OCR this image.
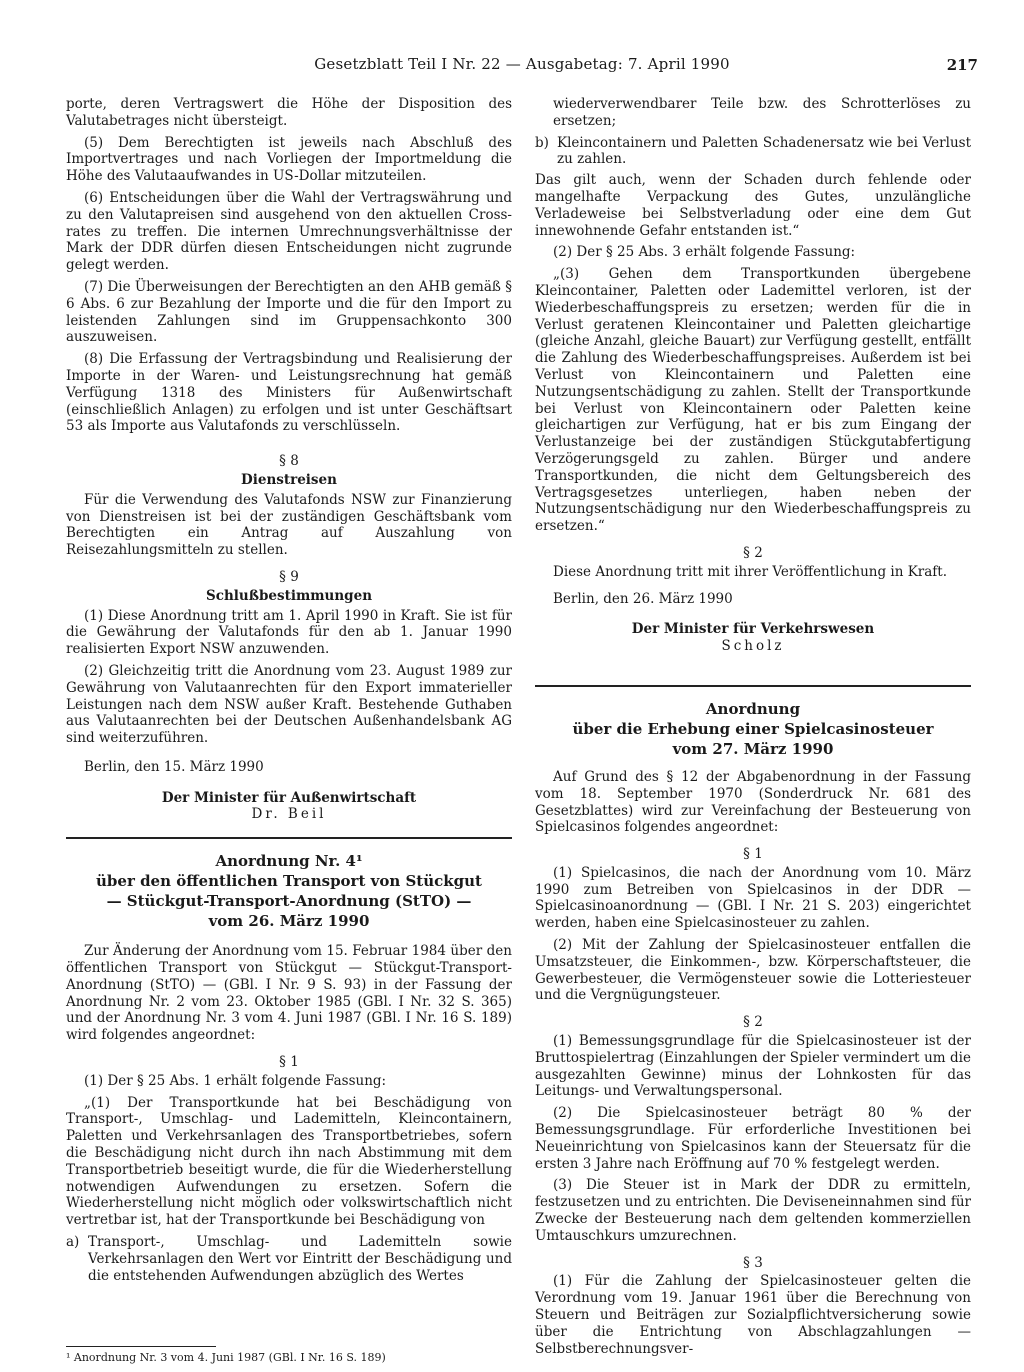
Gesetzblatt Teil I Nr. 22 — Ausgabetag: 7. April 1990	217

porte, deren Vertragswert die Höhe der Disposition des Valutabetrages nicht übersteigt.

(5) Dem Berechtigten ist jeweils nach Abschluß des Importvertrages und nach Vorliegen der Importmeldung die Höhe des Valutaaufwandes in US-Dollar mitzuteilen.

(6) Entscheidungen über die Wahl der Vertragswährung und zu den Valutapreisen sind ausgehend von den aktuellen Cross-rates zu treffen. Die internen Umrechnungsverhältnisse der Mark der DDR dürfen diesen Entscheidungen nicht zugrunde gelegt werden.

(7) Die Überweisungen der Berechtigten an den AHB gemäß § 6 Abs. 6 zur Bezahlung der Importe und die für den Import zu leistenden Zahlungen sind im Gruppensachkonto 300 auszuweisen.

(8) Die Erfassung der Vertragsbindung und Realisierung der Importe in der Waren- und Leistungsrechnung hat gemäß Verfügung 1318 des Ministers für Außenwirtschaft (einschließlich Anlagen) zu erfolgen und ist unter Geschäftsart 53 als Importe aus Valutafonds zu verschlüsseln.

§ 8
Dienstreisen

Für die Verwendung des Valutafonds NSW zur Finanzierung von Dienstreisen ist bei der zuständigen Geschäftsbank vom Berechtigten ein Antrag auf Auszahlung von Reisezahlungsmitteln zu stellen.

§ 9
Schlußbestimmungen

(1) Diese Anordnung tritt am 1. April 1990 in Kraft. Sie ist für die Gewährung der Valutafonds für den ab 1. Januar 1990 realisierten Export NSW anzuwenden.

(2) Gleichzeitig tritt die Anordnung vom 23. August 1989 zur Gewährung von Valutaanrechten für den Export immaterieller Leistungen nach dem NSW außer Kraft. Bestehende Guthaben aus Valutaanrechten bei der Deutschen Außenhandelsbank AG sind weiterzuführen.

Berlin, den 15. März 1990

Der Minister für Außenwirtschaft
Dr. Beil
Anordnung Nr. 4¹
über den öffentlichen Transport von Stückgut
— Stückgut-Transport-Anordnung (StTO) —
vom 26. März 1990

Zur Änderung der Anordnung vom 15. Februar 1984 über den öffentlichen Transport von Stückgut — Stückgut-Transport-Anordnung (StTO) — (GBl. I Nr. 9 S. 93) in der Fassung der Anordnung Nr. 2 vom 23. Oktober 1985 (GBl. I Nr. 32 S. 365) und der Anordnung Nr. 3 vom 4. Juni 1987 (GBl. I Nr. 16 S. 189) wird folgendes angeordnet:

§ 1

(1) Der § 25 Abs. 1 erhält folgende Fassung:

„(1) Der Transportkunde hat bei Beschädigung von Transport-, Umschlag- und Lademitteln, Kleincontainern, Paletten und Verkehrsanlagen des Transportbetriebes, sofern die Beschädigung nicht durch ihn nach Abstimmung mit dem Transportbetrieb beseitigt wurde, die für die Wiederherstellung notwendigen Aufwendungen zu ersetzen. Sofern die Wiederherstellung nicht möglich oder volkswirtschaftlich nicht vertretbar ist, hat der Transportkunde bei Beschädigung von

a) Transport-, Umschlag- und Lademitteln sowie Verkehrsanlagen den Wert vor Eintritt der Beschädigung und die entstehenden Aufwendungen abzüglich des Wertes

wiederverwendbarer Teile bzw. des Schrotterlöses zu ersetzen;

b) Kleincontainern und Paletten Schadenersatz wie bei Verlust zu zahlen.

Das gilt auch, wenn der Schaden durch fehlende oder mangelhafte Verpackung des Gutes, unzulängliche Verladeweise bei Selbstverladung oder eine dem Gut innewohnende Gefahr entstanden ist.“

(2) Der § 25 Abs. 3 erhält folgende Fassung:

„(3) Gehen dem Transportkunden übergebene Kleincontainer, Paletten oder Lademittel verloren, ist der Wiederbeschaffungspreis zu ersetzen; werden für die in Verlust geratenen Kleincontainer und Paletten gleichartige (gleiche Anzahl, gleiche Bauart) zur Verfügung gestellt, entfällt die Zahlung des Wiederbeschaffungspreises. Außerdem ist bei Verlust von Kleincontainern und Paletten eine Nutzungsentschädigung zu zahlen. Stellt der Transportkunde bei Verlust von Kleincontainern oder Paletten keine gleichartigen zur Verfügung, hat er bis zum Eingang der Verlustanzeige bei der zuständigen Stückgutabfertigung Verzögerungsgeld zu zahlen. Bürger und andere Transportkunden, die nicht dem Geltungsbereich des Vertragsgesetzes unterliegen, haben neben der Nutzungsentschädigung nur den Wiederbeschaffungspreis zu ersetzen.“

§ 2

Diese Anordnung tritt mit ihrer Veröffentlichung in Kraft.

Berlin, den 26. März 1990

Der Minister für Verkehrswesen
Scholz
Anordnung
über die Erhebung einer Spielcasinosteuer
vom 27. März 1990

Auf Grund des § 12 der Abgabenordnung in der Fassung vom 18. September 1970 (Sonderdruck Nr. 681 des Gesetzblattes) wird zur Vereinfachung der Besteuerung von Spielcasinos folgendes angeordnet:

§ 1

(1) Spielcasinos, die nach der Anordnung vom 10. März 1990 zum Betreiben von Spielcasinos in der DDR — Spielcasinoanordnung — (GBl. I Nr. 21 S. 203) eingerichtet werden, haben eine Spielcasinosteuer zu zahlen.

(2) Mit der Zahlung der Spielcasinosteuer entfallen die Umsatzsteuer, die Einkommen-, bzw. Körperschaftsteuer, die Gewerbesteuer, die Vermögensteuer sowie die Lotteriesteuer und die Vergnügungsteuer.

§ 2

(1) Bemessungsgrundlage für die Spielcasinosteuer ist der Bruttospielertrag (Einzahlungen der Spieler vermindert um die ausgezahlten Gewinne) minus der Lohnkosten für das Leitungs- und Verwaltungspersonal.

(2) Die Spielcasinosteuer beträgt 80 % der Bemessungsgrundlage. Für erforderliche Investitionen bei Neueinrichtung von Spielcasinos kann der Steuersatz für die ersten 3 Jahre nach Eröffnung auf 70 % festgelegt werden.

(3) Die Steuer ist in Mark der DDR zu ermitteln, festzusetzen und zu entrichten. Die Deviseneinnahmen sind für Zwecke der Besteuerung nach dem geltenden kommerziellen Umtauschkurs umzurechnen.

§ 3

(1) Für die Zahlung der Spielcasinosteuer gelten die Verordnung vom 19. Januar 1961 über die Berechnung von Steuern und Beiträgen zur Sozialpflichtversicherung sowie über die Entrichtung von Abschlagzahlungen — Selbstberechnungsver-

¹ Anordnung Nr. 3 vom 4. Juni 1987 (GBl. I Nr. 16 S. 189)
